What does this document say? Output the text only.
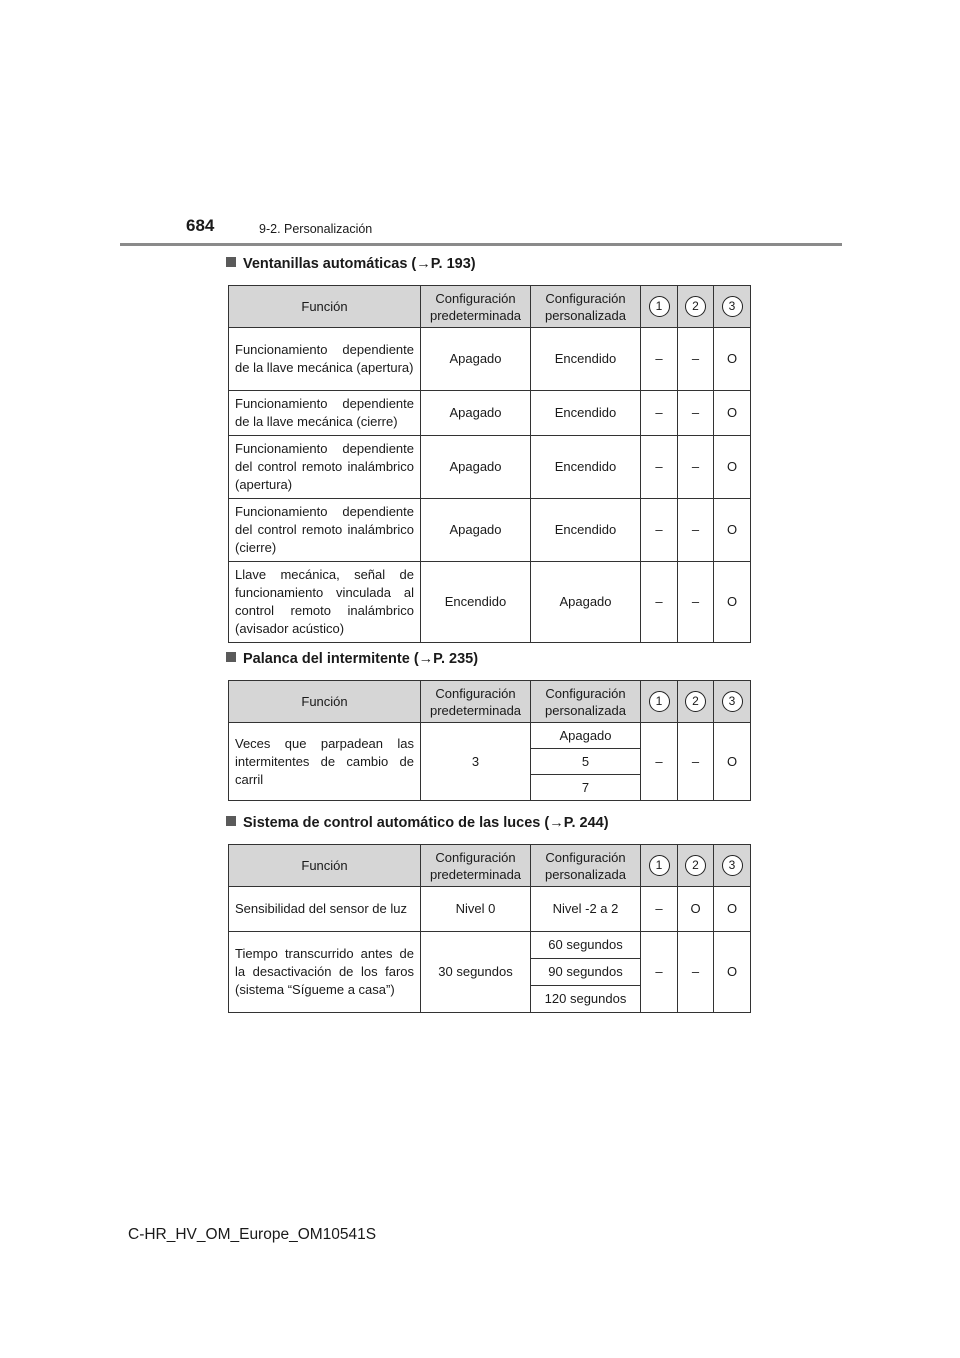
684	9-2. Personalización
Ventanillas automáticas (→P. 193)
Función	Configuración predeterminada	Configuración personalizada	1	2	3
Funcionamiento dependiente de la llave mecánica (apertura)	Apagado	Encendido	–	–	O
Funcionamiento dependiente de la llave mecánica (cierre)	Apagado	Encendido	–	–	O
Funcionamiento dependiente del control remoto inalámbrico (apertura)	Apagado	Encendido	–	–	O
Funcionamiento dependiente del control remoto inalámbrico (cierre)	Apagado	Encendido	–	–	O
Llave mecánica, señal de funcionamiento vinculada al control remoto inalámbrico (avisador acústico)	Encendido	Apagado	–	–	O
Palanca del intermitente (→P. 235)
Función	Configuración predeterminada	Configuración personalizada	1	2	3
Veces que parpadean las intermitentes de cambio de carril	3	Apagado	–	–	O
		5			
		7			
Sistema de control automático de las luces (→P. 244)
Función	Configuración predeterminada	Configuración personalizada	1	2	3
Sensibilidad del sensor de luz	Nivel 0	Nivel -2 a 2	–	O	O
Tiempo transcurrido antes de la desactivación de los faros (sistema “Sígueme a casa”)	30 segundos	60 segundos	–	–	O
		90 segundos			
		120 segundos			
C-HR_HV_OM_Europe_OM10541S
